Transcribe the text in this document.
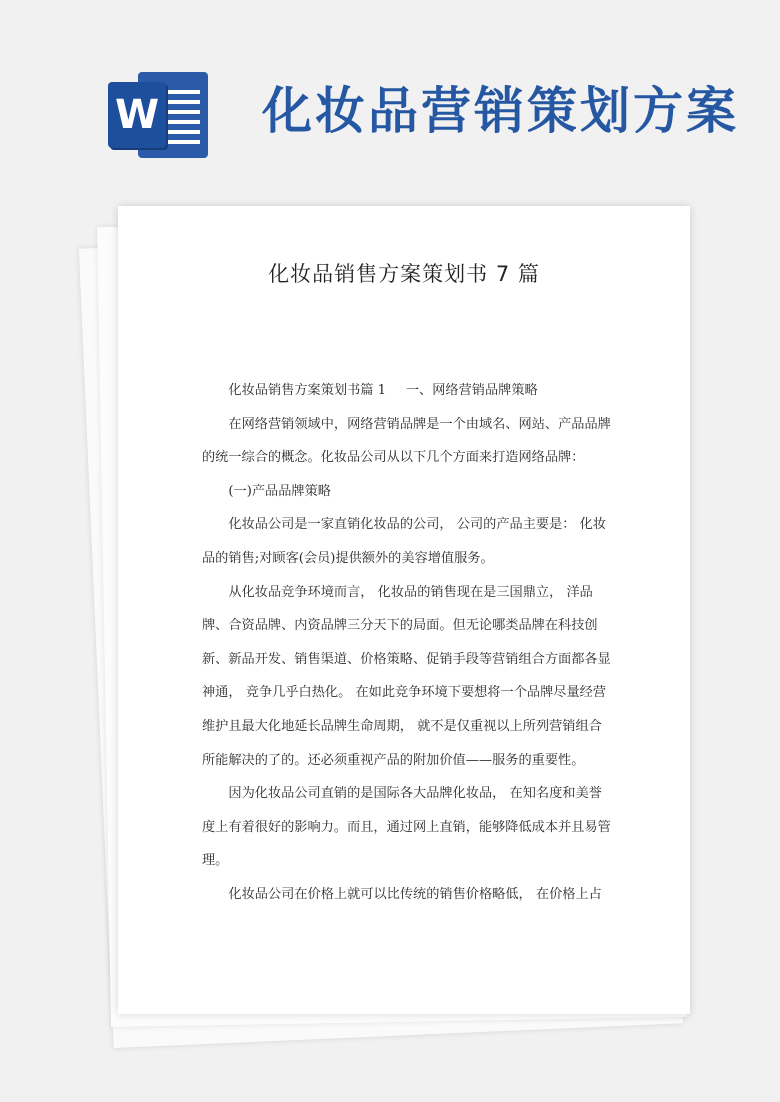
W 化妆品营销策划方案
化妆品销售方案策划书 7 篇

化妆品销售方案策划书篇 1 一、网络营销品牌策略

在网络营销领域中，网络营销品牌是一个由域名、网站、产品品牌的统一综合的概念。化妆品公司从以下几个方面来打造网络品牌：

(一)产品品牌策略

化妆品公司是一家直销化妆品的公司， 公司的产品主要是： 化妆品的销售;对顾客(会员)提供额外的美容增值服务。

从化妆品竞争环境而言， 化妆品的销售现在是三国鼎立， 洋品牌、合资品牌、内资品牌三分天下的局面。但无论哪类品牌在科技创新、新品开发、销售渠道、价格策略、促销手段等营销组合方面都各显神通， 竞争几乎白热化。 在如此竞争环境下要想将一个品牌尽量经营维护且最大化地延长品牌生命周期， 就不是仅重视以上所列营销组合所能解决的了的。还必须重视产品的附加价值——服务的重要性。

因为化妆品公司直销的是国际各大品牌化妆品， 在知名度和美誉度上有着很好的影响力。而且，通过网上直销，能够降低成本并且易管理。

化妆品公司在价格上就可以比传统的销售价格略低， 在价格上占
